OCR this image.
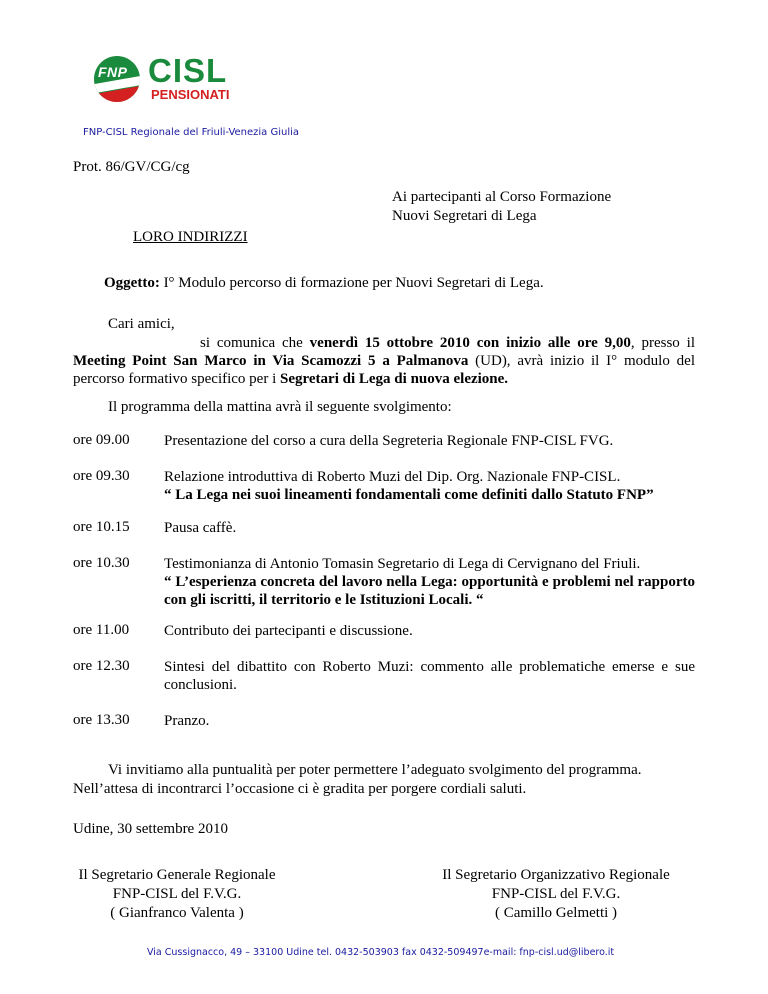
FNP CISL
PENSIONATI
FNP-CISL Regionale del Friuli-Venezia Giulia
Prot. 86/GV/CG/cg
Ai partecipanti al Corso Formazione
Nuovi Segretari di Lega
LORO INDIRIZZI
Oggetto: I° Modulo percorso di formazione per Nuovi Segretari di Lega.
Cari amici,
si comunica che venerdì 15 ottobre 2010 con inizio alle ore 9,00, presso il Meeting Point San Marco in Via Scamozzi 5 a Palmanova (UD), avrà inizio il I° modulo del percorso formativo specifico per i Segretari di Lega di nuova elezione.
Il programma della mattina avrà il seguente svolgimento:
ore 09.00 Presentazione del corso a cura della Segreteria Regionale FNP-CISL FVG.
ore 09.30 Relazione introduttiva di Roberto Muzi del Dip. Org. Nazionale FNP-CISL.
“ La Lega nei suoi lineamenti fondamentali come definiti dallo Statuto FNP”
ore 10.15 Pausa caffè.
ore 10.30 Testimonianza di Antonio Tomasin Segretario di Lega di Cervignano del Friuli.
“ L’esperienza concreta del lavoro nella Lega: opportunità e problemi nel rapporto con gli iscritti, il territorio e le Istituzioni Locali. “
ore 11.00 Contributo dei partecipanti e discussione.
ore 12.30 Sintesi del dibattito con Roberto Muzi: commento alle problematiche emerse e sue conclusioni.
ore 13.30 Pranzo.
Vi invitiamo alla puntualità per poter permettere l’adeguato svolgimento del programma.
Nell’attesa di incontrarci l’occasione ci è gradita per porgere cordiali saluti.
Udine, 30 settembre 2010
Il Segretario Generale Regionale
FNP-CISL del F.V.G.
( Gianfranco Valenta )
Il Segretario Organizzativo Regionale
FNP-CISL del F.V.G.
( Camillo Gelmetti )
Via Cussignacco, 49 – 33100 Udine tel. 0432-503903 fax 0432-509497e-mail: fnp-cisl.ud@libero.it
